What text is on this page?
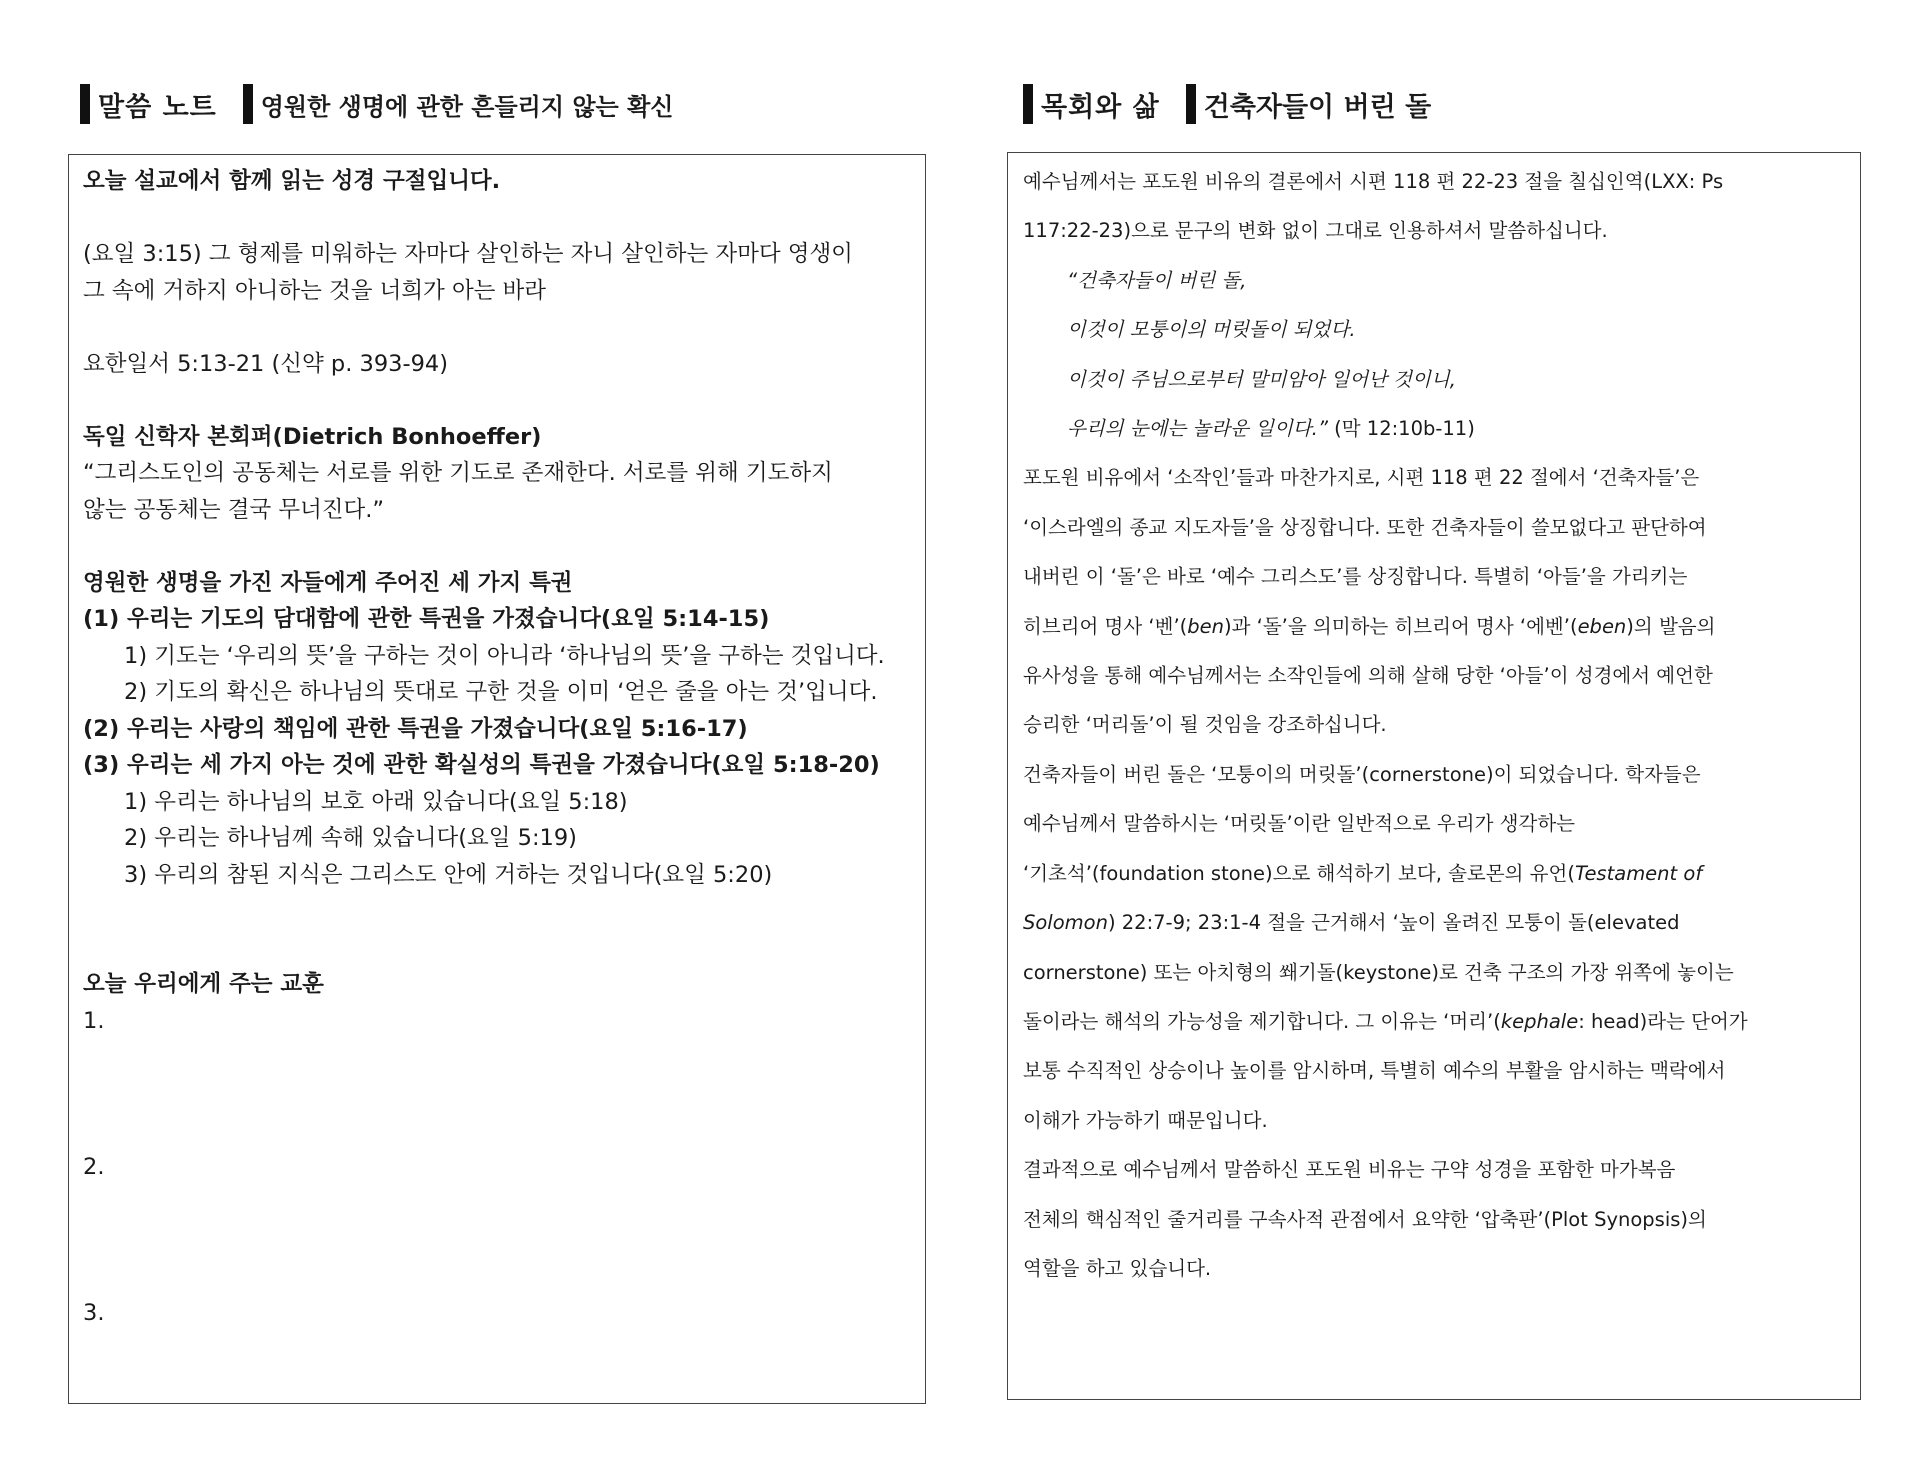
말씀 노트 영원한 생명에 관한 흔들리지 않는 확신	목회와 삶 건축자들이 버린 돌

오늘 설교에서 함께 읽는 성경 구절입니다.

(요일 3:15) 그 형제를 미워하는 자마다 살인하는 자니 살인하는 자마다 영생이

그 속에 거하지 아니하는 것을 너희가 아는 바라

요한일서 5:13-21 (신약 p. 393-94)

독일 신학자 본회퍼(Dietrich Bonhoeffer)

“그리스도인의 공동체는 서로를 위한 기도로 존재한다. 서로를 위해 기도하지

않는 공동체는 결국 무너진다.”

영원한 생명을 가진 자들에게 주어진 세 가지 특권

(1) 우리는 기도의 담대함에 관한 특권을 가졌습니다(요일 5:14-15)

1) 기도는 ‘우리의 뜻’을 구하는 것이 아니라 ‘하나님의 뜻’을 구하는 것입니다.

2) 기도의 확신은 하나님의 뜻대로 구한 것을 이미 ‘얻은 줄을 아는 것’입니다.

(2) 우리는 사랑의 책임에 관한 특권을 가졌습니다(요일 5:16-17)

(3) 우리는 세 가지 아는 것에 관한 확실성의 특권을 가졌습니다(요일 5:18-20)

1) 우리는 하나님의 보호 아래 있습니다(요일 5:18)

2) 우리는 하나님께 속해 있습니다(요일 5:19)

3) 우리의 참된 지식은 그리스도 안에 거하는 것입니다(요일 5:20)

오늘 우리에게 주는 교훈

1.

2.

3.

예수님께서는 포도원 비유의 결론에서 시편 118 편 22-23 절을 칠십인역(LXX: Ps

117:22-23)으로 문구의 변화 없이 그대로 인용하셔서 말씀하십니다.

“건축자들이 버린 돌,

이것이 모퉁이의 머릿돌이 되었다.

이것이 주님으로부터 말미암아 일어난 것이니,

우리의 눈에는 놀라운 일이다.” (막 12:10b-11)

포도원 비유에서 ‘소작인’들과 마찬가지로, 시편 118 편 22 절에서 ‘건축자들’은

‘이스라엘의 종교 지도자들’을 상징합니다. 또한 건축자들이 쓸모없다고 판단하여

내버린 이 ‘돌’은 바로 ‘예수 그리스도’를 상징합니다. 특별히 ‘아들’을 가리키는

히브리어 명사 ‘벤’(ben)과 ‘돌’을 의미하는 히브리어 명사 ‘에벤’(eben)의 발음의

유사성을 통해 예수님께서는 소작인들에 의해 살해 당한 ‘아들’이 성경에서 예언한

승리한 ‘머리돌’이 될 것임을 강조하십니다.

건축자들이 버린 돌은 ‘모퉁이의 머릿돌’(cornerstone)이 되었습니다. 학자들은

예수님께서 말씀하시는 ‘머릿돌’이란 일반적으로 우리가 생각하는

‘기초석’(foundation stone)으로 해석하기 보다, 솔로몬의 유언(Testament of

Solomon) 22:7-9; 23:1-4 절을 근거해서 ‘높이 올려진 모퉁이 돌(elevated

cornerstone) 또는 아치형의 쐐기돌(keystone)로 건축 구조의 가장 위쪽에 놓이는

돌이라는 해석의 가능성을 제기합니다. 그 이유는 ‘머리’(kephale: head)라는 단어가

보통 수직적인 상승이나 높이를 암시하며, 특별히 예수의 부활을 암시하는 맥락에서

이해가 가능하기 때문입니다.

결과적으로 예수님께서 말씀하신 포도원 비유는 구약 성경을 포함한 마가복음

전체의 핵심적인 줄거리를 구속사적 관점에서 요약한 ‘압축판’(Plot Synopsis)의

역할을 하고 있습니다.
